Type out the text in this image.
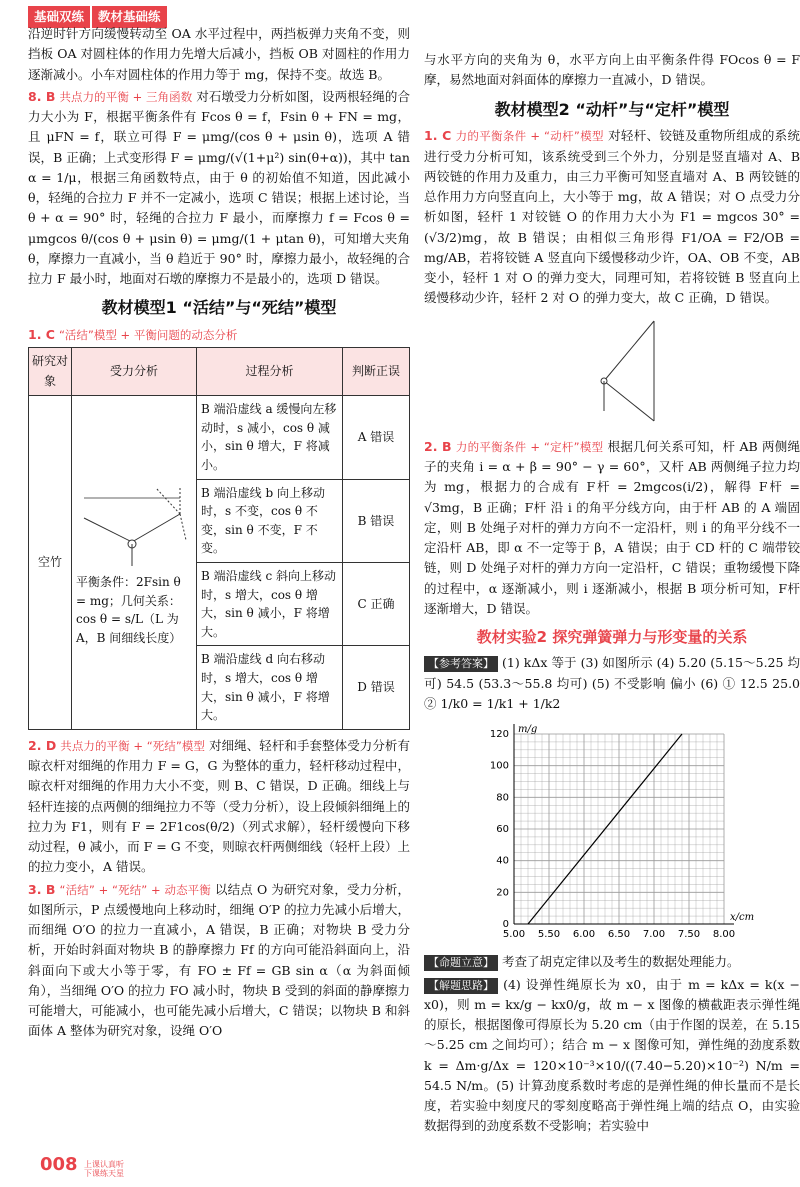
基础双练	教材基础练

沿逆时针方向缓慢转动至 OA 水平过程中，两挡板弹力夹角不变，则挡板 OA 对圆柱体的作用力先增大后减小，挡板 OB 对圆柱的作用力逐渐减小。小车对圆柱体的作用力等于 mg，保持不变。故选 B。

8. B 共点力的平衡 + 三角函数 对石墩受力分析如图，设两根轻绳的合力大小为 F，根据平衡条件有 Fcos θ = f，Fsin θ + FN = mg，且 μFN = f，联立可得 F = μmg/(cos θ + μsin θ)，选项 A 错误，B 正确；上式变形得 F = μmg/(√(1+μ²) sin(θ+α))，其中 tan α = 1/μ，根据三角函数特点，由于 θ 的初始值不知道，因此减小 θ，轻绳的合拉力 F 并不一定减小，选项 C 错误；根据上述讨论，当 θ + α = 90° 时，轻绳的合拉力 F 最小，而摩擦力 f = Fcos θ = μmgcos θ/(cos θ + μsin θ) = μmg/(1 + μtan θ)，可知增大夹角 θ，摩擦力一直减小，当 θ 趋近于 90° 时，摩擦力最小，故轻绳的合拉力 F 最小时，地面对石墩的摩擦力不是最小的，选项 D 错误。

教材模型1 “活结”与“死结”模型

1. C “活结”模型 + 平衡问题的动态分析

研究对象	受力分析	过程分析	判断正误
空竹	平衡条件：2Fsin θ = mg；几何关系：cos θ = s/L（L 为 A，B 间细线长度）	B 端沿虚线 a 缓慢向左移动时，s 减小，cos θ 减小，sin θ 增大，F 将减小。	A 错误
		B 端沿虚线 b 向上移动时，s 不变，cos θ 不变，sin θ 不变，F 不变。	B 错误
		B 端沿虚线 c 斜向上移动时，s 增大，cos θ 增大，sin θ 减小，F 将增大。	C 正确
		B 端沿虚线 d 向右移动时，s 增大，cos θ 增大，sin θ 减小，F 将增大。	D 错误

2. D 共点力的平衡 + “死结”模型 对细绳、轻杆和手套整体受力分析有晾衣杆对细绳的作用力 F = G，G 为整体的重力，轻杆移动过程中，晾衣杆对细绳的作用力大小不变，则 B、C 错误，D 正确。细线上与轻杆连接的点两侧的细绳拉力不等（受力分析），设上段倾斜细绳上的拉力为 F1，则有 F = 2F1cos(θ/2)（列式求解），轻杆缓慢向下移动过程，θ 减小，而 F = G 不变，则晾衣杆两侧细线（轻杆上段）上的拉力变小，A 错误。

3. B “活结” + “死结” + 动态平衡 以结点 O 为研究对象，受力分析，如图所示，P 点缓慢地向上移动时，细绳 O′P 的拉力先减小后增大，而细绳 O′O 的拉力一直减小，A 错误，B 正确；对物块 B 受力分析，开始时斜面对物块 B 的静摩擦力 Ff 的方向可能沿斜面向上，沿斜面向下或大小等于零，有 FO ± Ff = GB sin α（α 为斜面倾角），当细绳 O′O 的拉力 FO 减小时，物块 B 受到的斜面的静摩擦力可能增大，可能减小，也可能先减小后增大，C 错误；以物块 B 和斜面体 A 整体为研究对象，设绳 O′O

与水平方向的夹角为 θ，水平方向上由平衡条件得 FOcos θ = F摩，易然地面对斜面体的摩擦力一直减小，D 错误。

教材模型2 “动杆”与“定杆”模型

1. C 力的平衡条件 + “动杆”模型 对轻杆、铰链及重物所组成的系统进行受力分析可知，该系统受到三个外力，分别是竖直墙对 A、B 两铰链的作用力及重力，由三力平衡可知竖直墙对 A、B 两铰链的总作用力方向竖直向上，大小等于 mg，故 A 错误；对 O 点受力分析如图，轻杆 1 对铰链 O 的作用力大小为 F1 = mgcos 30° = (√3/2)mg，故 B 错误；由相似三角形得 F1/OA = F2/OB = mg/AB，若将铰链 A 竖直向下缓慢移动少许，OA、OB 不变，AB 变小，轻杆 1 对 O 的弹力变大，同理可知，若将铰链 B 竖直向上缓慢移动少许，轻杆 2 对 O 的弹力变大，故 C 正确，D 错误。

2. B 力的平衡条件 + “定杆”模型 根据几何关系可知，杆 AB 两侧绳子的夹角 i = α + β = 90° − γ = 60°，又杆 AB 两侧绳子拉力均为 mg，根据力的合成有 F杆 = 2mgcos(i/2)，解得 F杆 = √3mg，B 正确；F杆 沿 i 的角平分线方向，由于杆 AB 的 A 端固定，则 B 处绳子对杆的弹力方向不一定沿杆，则 i 的角平分线不一定沿杆 AB，即 α 不一定等于 β，A 错误；由于 CD 杆的 C 端带铰链，则 D 处绳子对杆的弹力方向一定沿杆，C 错误；重物缓慢下降的过程中，α 逐渐减小，则 i 逐渐减小，根据 B 项分析可知，F杆 逐渐增大，D 错误。

教材实验2 探究弹簧弹力与形变量的关系

【参考答案】 (1) kΔx 等于 (3) 如图所示 (4) 5.20 (5.15～5.25 均可) 54.5 (53.3～55.8 均可) (5) 不受影响 偏小 (6) ① 12.5 25.0 ② 1/k0 = 1/k1 + 1/k2

5.00 5.50 6.00 6.50 7.00 7.50 8.00
0
20
40
60
80
100
120
x/cm
m/g

【命题立意】 考查了胡克定律以及考生的数据处理能力。

【解题思路】 (4) 设弹性绳原长为 x0，由于 m = kΔx = k(x − x0)，则 m = kx/g − kx0/g，故 m − x 图像的横截距表示弹性绳的原长，根据图像可得原长为 5.20 cm（由于作图的误差，在 5.15～5.25 cm 之间均可）；结合 m − x 图像可知，弹性绳的劲度系数 k = Δm·g/Δx = 120×10⁻³×10/((7.40−5.20)×10⁻²) N/m = 54.5 N/m。(5) 计算劲度系数时考虑的是弹性绳的伸长量而不是长度，若实验中刻度尺的零刻度略高于弹性绳上端的结点 O，由实验数据得到的劲度系数不受影响；若实验中

008 上课认真听
下课练天星
